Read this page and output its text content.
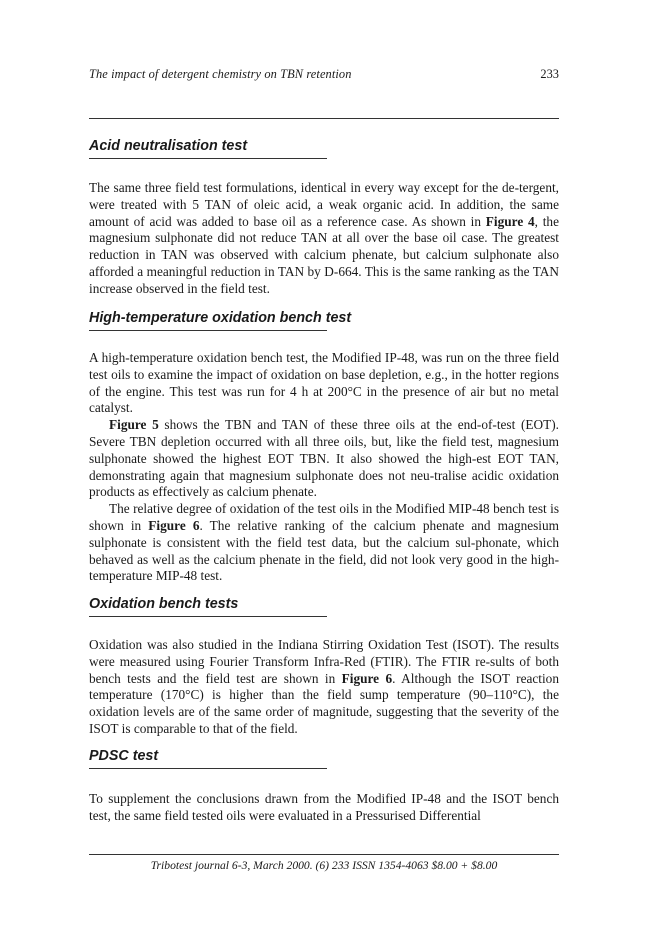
The impact of detergent chemistry on TBN retention	233
Acid neutralisation test

The same three field test formulations, identical in every way except for the de-tergent, were treated with 5 TAN of oleic acid, a weak organic acid. In addition, the same amount of acid was added to base oil as a reference case. As shown in Figure 4, the magnesium sulphonate did not reduce TAN at all over the base oil case. The greatest reduction in TAN was observed with calcium phenate, but calcium sulphonate also afforded a meaningful reduction in TAN by D-664. This is the same ranking as the TAN increase observed in the field test.

High-temperature oxidation bench test

A high-temperature oxidation bench test, the Modified IP-48, was run on the three field test oils to examine the impact of oxidation on base depletion, e.g., in the hotter regions of the engine. This test was run for 4 h at 200°C in the presence of air but no metal catalyst.

Figure 5 shows the TBN and TAN of these three oils at the end-of-test (EOT). Severe TBN depletion occurred with all three oils, but, like the field test, magnesium sulphonate showed the highest EOT TBN. It also showed the high-est EOT TAN, demonstrating again that magnesium sulphonate does not neu-tralise acidic oxidation products as effectively as calcium phenate.

The relative degree of oxidation of the test oils in the Modified MIP-48 bench test is shown in Figure 6. The relative ranking of the calcium phenate and magnesium sulphonate is consistent with the field test data, but the calcium sul-phonate, which behaved as well as the calcium phenate in the field, did not look very good in the high-temperature MIP-48 test.

Oxidation bench tests

Oxidation was also studied in the Indiana Stirring Oxidation Test (ISOT). The results were measured using Fourier Transform Infra-Red (FTIR). The FTIR re-sults of both bench tests and the field test are shown in Figure 6. Although the ISOT reaction temperature (170°C) is higher than the field sump temperature (90–110°C), the oxidation levels are of the same order of magnitude, suggesting that the severity of the ISOT is comparable to that of the field.

PDSC test

To supplement the conclusions drawn from the Modified IP-48 and the ISOT bench test, the same field tested oils were evaluated in a Pressurised Differential

Tribotest journal 6-3, March 2000. (6) 233 ISSN 1354-4063 $8.00 + $8.00
